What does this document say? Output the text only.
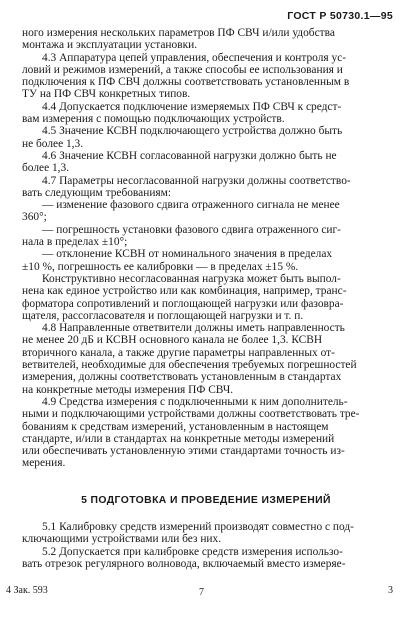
ГОСТ Р 50730.1—95
ного измерения нескольких параметров ПФ СВЧ и/или удобства
монтажа и эксплуатации установки.
4.3 Аппаратура цепей управления, обеспечения и контроля ус-
ловий и режимов измерений, а также способы ее использования и
подключения к ПФ СВЧ должны соответствовать установленным в
ТУ на ПФ СВЧ конкретных типов.
4.4 Допускается подключение измеряемых ПФ СВЧ к средст-
вам измерения с помощью подключающих устройств.
4.5 Значение КСВН подключающего устройства должно быть
не более 1,3.
4.6 Значение КСВН согласованной нагрузки должно быть не
более 1,3.
4.7 Параметры несогласованной нагрузки должны соответство-
вать следующим требованиям:
— изменение фазового сдвига отраженного сигнала не менее
360°;
— погрешность установки фазового сдвига отраженного сиг-
нала в пределах ±10°;
— отклонение КСВН от номинального значения в пределах
±10 %, погрешность ее калибровки — в пределах ±15 %.
Конструктивно несогласованная нагрузка может быть выпол-
нена как единое устройство или как комбинация, например, транс-
форматора сопротивлений и поглощающей нагрузки или фазовра-
щателя, рассогласователя и поглощающей нагрузки и т. п.
4.8 Направленные ответвители должны иметь направленность
не менее 20 дБ и КСВН основного канала не более 1,3. КСВН
вторичного канала, а также другие параметры направленных от-
ветвителей, необходимые для обеспечения требуемых погрешностей
измерения, должны соответствовать установленным в стандартах
на конкретные методы измерения ПФ СВЧ.
4.9 Средства измерения с подключенными к ним дополнитель-
ными и подключающими устройствами должны соответствовать тре-
бованиям к средствам измерений, установленным в настоящем
стандарте, и/или в стандартах на конкретные методы измерений
или обеспечивать установленную этими стандартами точность из-
мерения.
5 ПОДГОТОВКА И ПРОВЕДЕНИЕ ИЗМЕРЕНИЙ
5.1 Калибровку средств измерений производят совместно с под-
ключающими устройствами или без них.
5.2 Допускается при калибровке средств измерения использо-
вать отрезок регулярного волновода, включаемый вместо измеряе-
4 Зак. 593	7	3
